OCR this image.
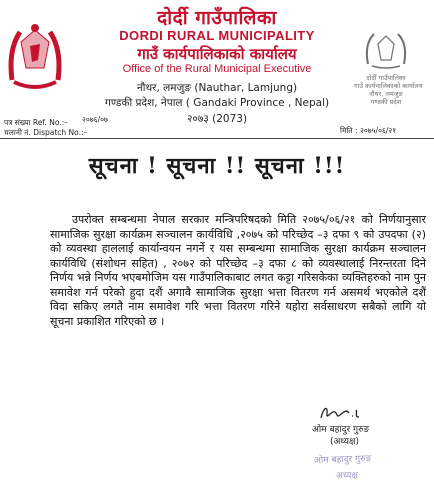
दोर्दी गाउँपालिका
गाउँ कार्यपालिकाको कार्यालय
नौथर, लमजुङ
गण्डकी प्रदेश
दोर्दी गाउँपालिका
DORDI RURAL MUNICIPALITY
गाउँ कार्यपालिकाको कार्यालय
Office of the Rural Municipal Executive
नौथर, लमजुङ (Nauthar, Lamjung)
गण्डकी प्रदेश, नेपाल ( Gandaki Province , Nepal)
२०७३ (2073)
पत्र संख्या Ref. No.:– २०७६/०७
चलानी नं. Dispatch No.:–	मिति : २०७५/०६/२१
सूचना ! सूचना !! सूचना !!!

उपरोक्त सम्बन्धमा नेपाल सरकार मन्त्रिपरिषदको मिति २०७५/०६/२१ को निर्णयानुसार सामाजिक सुरक्षा कार्यक्रम सञ्चालन कार्यविधि ,२०७५ को परिच्छेद –३ दफा ९ को उपदफा (२) को व्यवस्था हाललाई कार्यान्वयन नगर्ने र यस सम्बन्धमा सामाजिक सुरक्षा कार्यक्रम सञ्चालन कार्यविधि (संशोधन सहित) , २०७२ को परिच्छेद –३ दफा ८ को व्यवस्थालाई निरन्तरता दिने निर्णय भन्ने निर्णय भएबमोजिम यस गाउँपालिकाबाट लगत कट्टा गरिसकेका व्यक्तिहरुको नाम पुन समावेश गर्न परेको हुदा दशैं अगावै सामाजिक सुरक्षा भत्ता वितरण गर्न असमर्थ भएकोले दशैं विदा सकिए लगतै नाम समावेश गरि भत्ता वितरण गरिने यहोरा सर्वसाधरण सबैको लागि यो सूचना प्रकाशित गरिएको छ ।

ओम बहादुर गुरुङ
(अध्यक्ष)
ओम बहादुर गुरुङ
अध्यक्ष
